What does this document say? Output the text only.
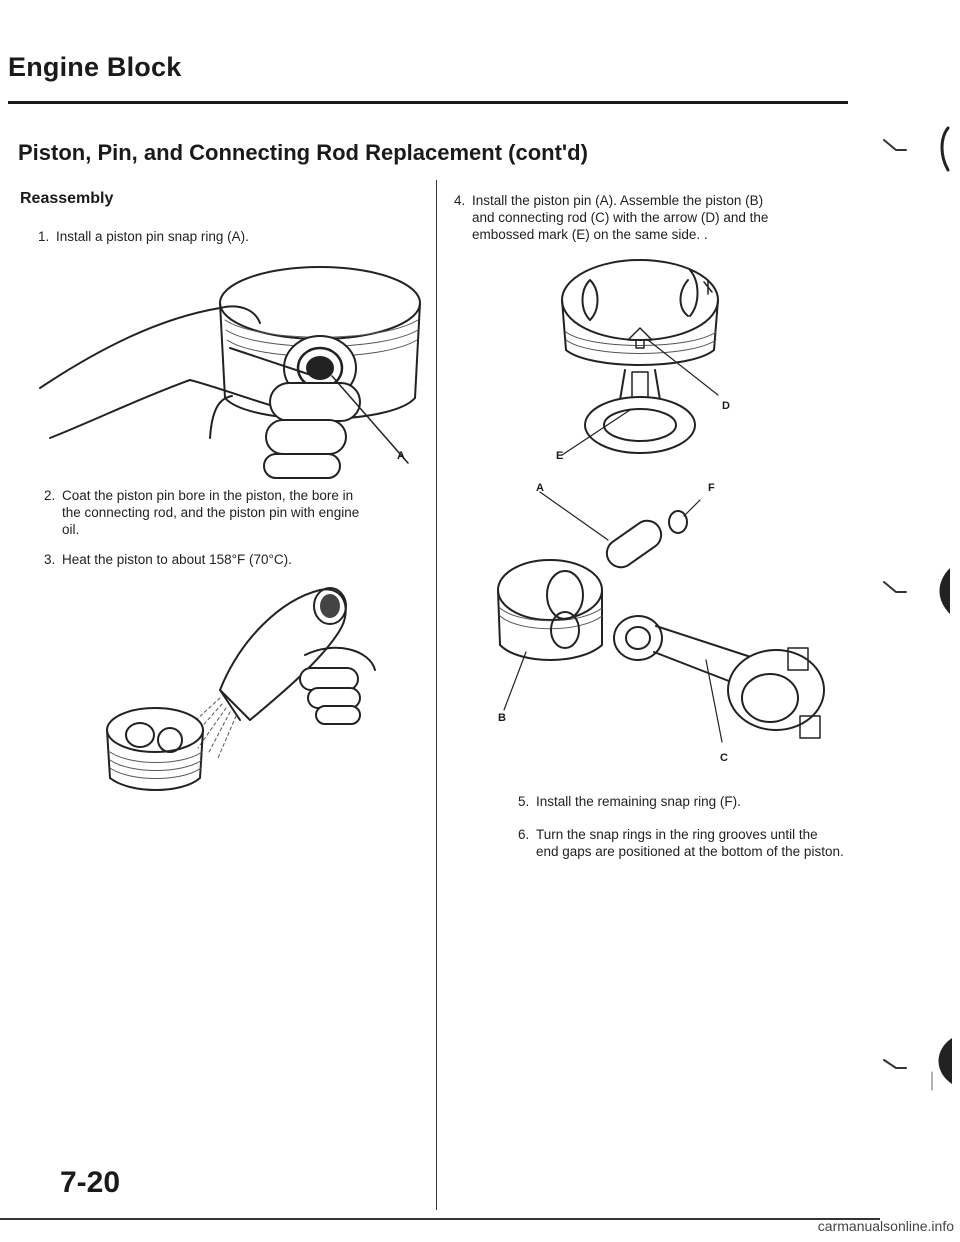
Engine Block
Piston, Pin, and Connecting Rod Replacement (cont'd)
Reassembly
1. Install a piston pin snap ring (A).
A
2. Coat the piston pin bore in the piston, the bore in
the connecting rod, and the piston pin with engine
oil.
3. Heat the piston to about 158°F (70°C).
4. Install the piston pin (A). Assemble the piston (B)
and connecting rod (C) with the arrow (D) and the
embossed mark (E) on the same side. .
D
E
A	F
B
C
5. Install the remaining snap ring (F).
6. Turn the snap rings in the ring grooves until the
end gaps are positioned at the bottom of the piston.
7-20
carmanualsonline.info
